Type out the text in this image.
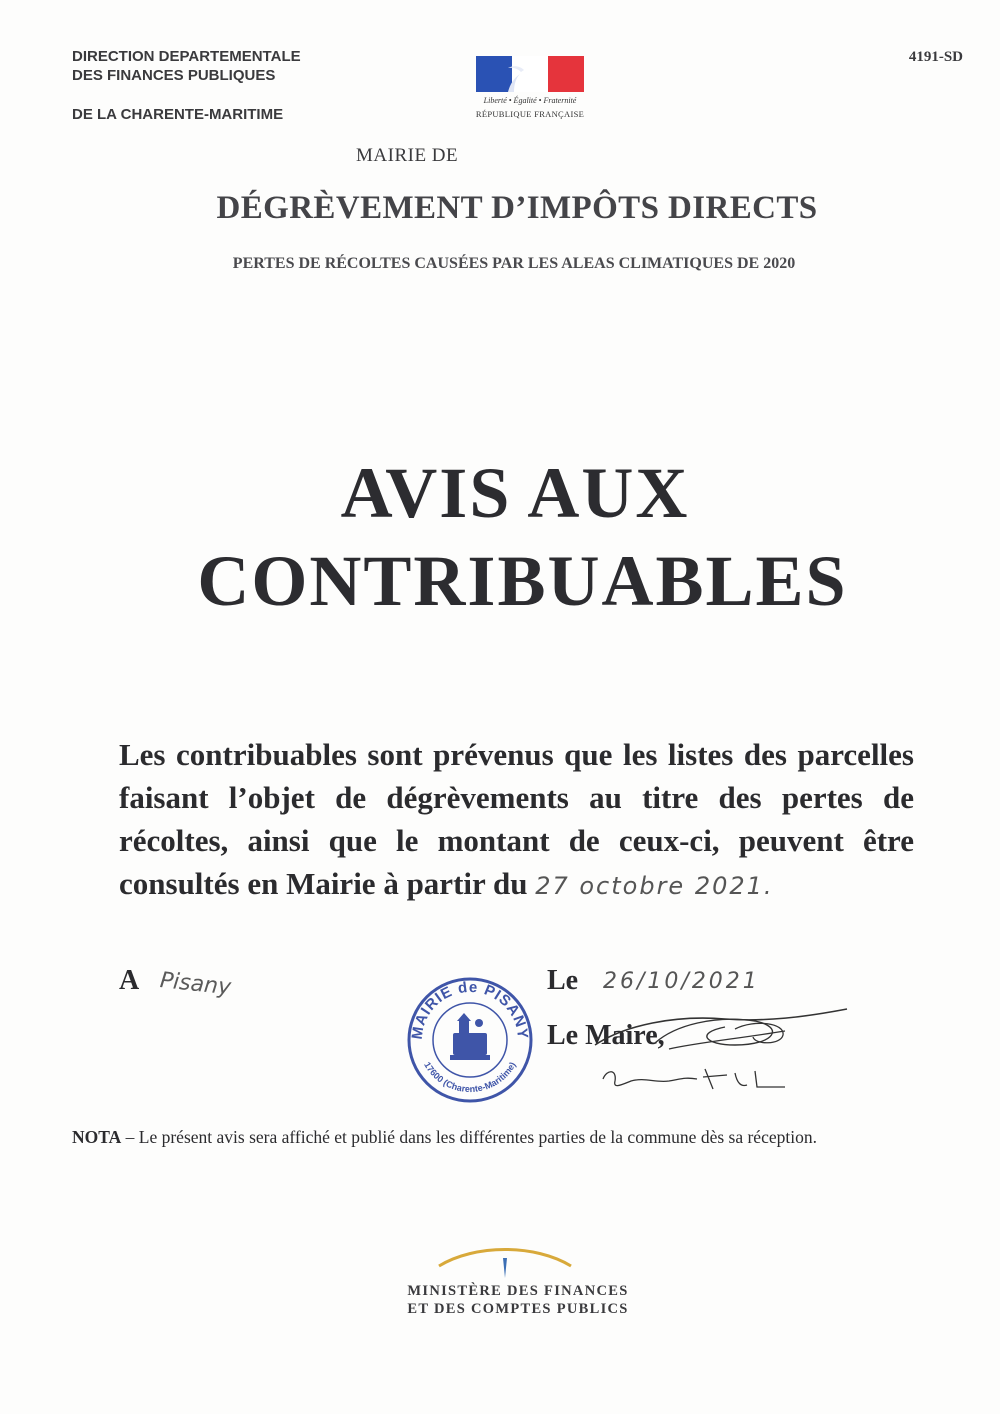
DIRECTION DEPARTEMENTALE
DES FINANCES PUBLIQUES
DE LA CHARENTE-MARITIME
4191-SD
Liberté • Égalité • Fraternité
RÉPUBLIQUE FRANÇAISE
MAIRIE DE
DÉGRÈVEMENT D’IMPÔTS DIRECTS
PERTES DE RÉCOLTES CAUSÉES PAR LES ALEAS CLIMATIQUES DE 2020
AVIS AUX
CONTRIBUABLES

Les contribuables sont prévenus que les listes des parcelles faisant l’objet de dégrèvements au titre des pertes de récoltes, ainsi que le montant de ceux-ci, peuvent être consultés en Mairie à partir du 27 octobre 2021.

A Pisany
MAIRIE de PISANY
17600 (Charente-Maritime)
Le 26/10/2021
Le Maire,
NOTA – Le présent avis sera affiché et publié dans les différentes parties de la commune dès sa réception.
MINISTÈRE DES FINANCES
ET DES COMPTES PUBLICS
